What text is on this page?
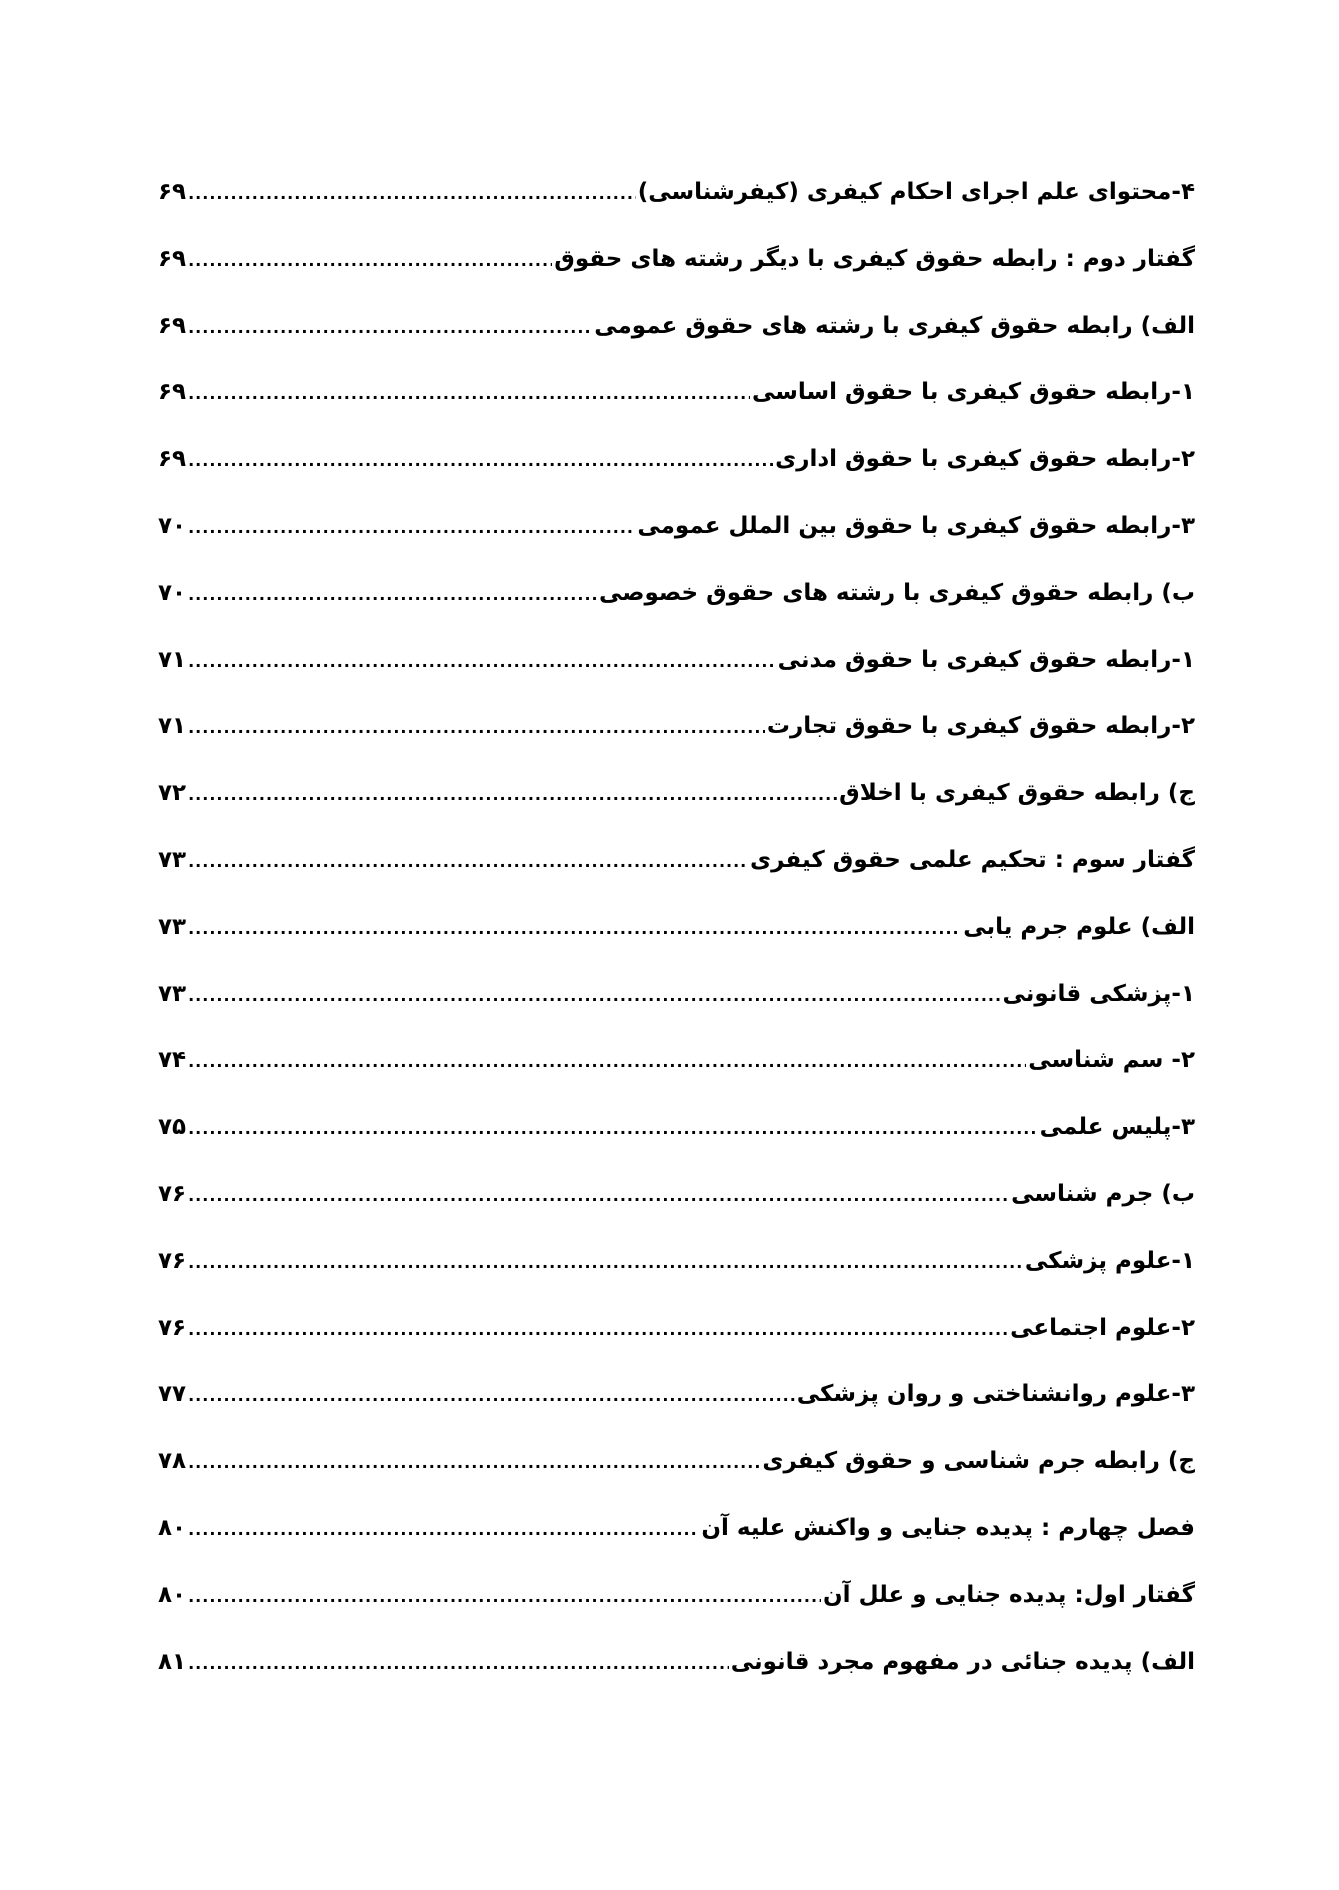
۴-محتوای علم اجرای احکام کیفری (کیفرشناسی)
.....
۶۹
گفتار دوم : رابطه حقوق کیفری با دیگر رشته های حقوق
.....
۶۹
الف) رابطه حقوق کیفری با رشته های حقوق عمومی
.....
۶۹
۱-رابطه حقوق کیفری با حقوق اساسی
.....
۶۹
۲-رابطه حقوق کیفری با حقوق اداری
.....
۶۹
۳-رابطه حقوق کیفری با حقوق بین الملل عمومی
.....
۷۰
ب) رابطه حقوق کیفری با رشته های حقوق خصوصی
.....
۷۰
۱-رابطه حقوق کیفری با حقوق مدنی
.....
۷۱
۲-رابطه حقوق کیفری با حقوق تجارت
.....
۷۱
ج) رابطه حقوق کیفری با اخلاق
.....
۷۲
گفتار سوم : تحکیم علمی حقوق کیفری
.....
۷۳
الف) علوم جرم یابی
.....
۷۳
۱-پزشکی قانونی
.....
۷۳
۲- سم شناسی
.....
۷۴
۳-پلیس علمی
.....
۷۵
ب) جرم شناسی
.....
۷۶
۱-علوم پزشکی
.....
۷۶
۲-علوم اجتماعی
.....
۷۶
۳-علوم روانشناختی و روان پزشکی
.....
۷۷
ج) رابطه جرم شناسی و حقوق کیفری
.....
۷۸
فصل چهارم : پدیده جنایی و واکنش علیه آن
.....
۸۰
گفتار اول: پدیده جنایی و علل آن
.....
۸۰
الف) پدیده جنائی در مفهوم مجرد قانونی
.....
۸۱
